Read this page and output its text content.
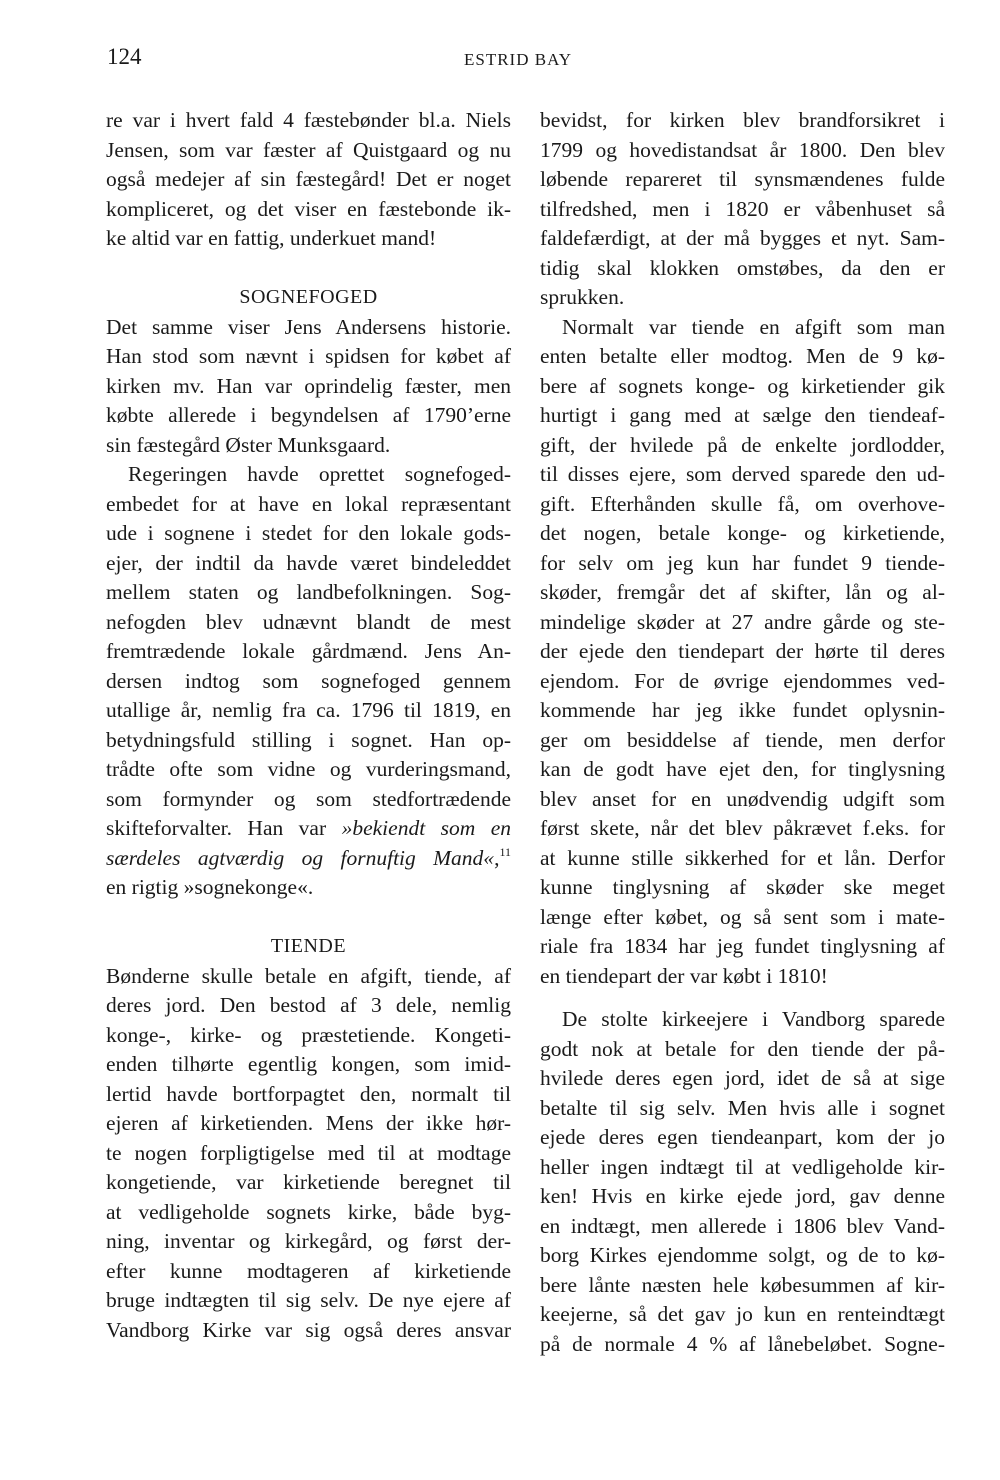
124	ESTRID BAY

re var i hvert fald 4 fæstebønder bl.a. Niels
Jensen, som var fæster af Quistgaard og nu
også medejer af sin fæstegård! Det er noget
kompliceret, og det viser en fæstebonde ik-
ke altid var en fattig, underkuet mand!

SOGNEFOGED

Det samme viser Jens Andersens historie.
Han stod som nævnt i spidsen for købet af
kirken mv. Han var oprindelig fæster, men
købte allerede i begyndelsen af 1790’erne
sin fæstegård Øster Munksgaard.

Regeringen havde oprettet sognefoged-
embedet for at have en lokal repræsentant
ude i sognene i stedet for den lokale gods-
ejer, der indtil da havde været bindeleddet
mellem staten og landbefolkningen. Sog-
nefogden blev udnævnt blandt de mest
fremtrædende lokale gårdmænd. Jens An-
dersen indtog som sognefoged gennem
utallige år, nemlig fra ca. 1796 til 1819, en
betydningsfuld stilling i sognet. Han op-
trådte ofte som vidne og vurderingsmand,
som formynder og som stedfortrædende
skifteforvalter. Han var »bekiendt som en
særdeles agtværdig og fornuftig Mand«,$^{11}$
en rigtig »sognekonge«.

TIENDE

Bønderne skulle betale en afgift, tiende, af
deres jord. Den bestod af 3 dele, nemlig
konge-, kirke- og præstetiende. Kongeti-
enden tilhørte egentlig kongen, som imid-
lertid havde bortforpagtet den, normalt til
ejeren af kirketienden. Mens der ikke hør-
te nogen forpligtigelse med til at modtage
kongetiende, var kirketiende beregnet til
at vedligeholde sognets kirke, både byg-
ning, inventar og kirkegård, og først der-
efter kunne modtageren af kirketiende
bruge indtægten til sig selv. De nye ejere af
Vandborg Kirke var sig også deres ansvar

bevidst, for kirken blev brandforsikret i
1799 og hovedistandsat år 1800. Den blev
løbende repareret til synsmændenes fulde
tilfredshed, men i 1820 er våbenhuset så
faldefærdigt, at der må bygges et nyt. Sam-
tidig skal klokken omstøbes, da den er
sprukken.

Normalt var tiende en afgift som man
enten betalte eller modtog. Men de 9 kø-
bere af sognets konge- og kirketiender gik
hurtigt i gang med at sælge den tiendeaf-
gift, der hvilede på de enkelte jordlodder,
til disses ejere, som derved sparede den ud-
gift. Efterhånden skulle få, om overhove-
det nogen, betale konge- og kirketiende,
for selv om jeg kun har fundet 9 tiende-
skøder, fremgår det af skifter, lån og al-
mindelige skøder at 27 andre gårde og ste-
der ejede den tiendepart der hørte til deres
ejendom. For de øvrige ejendommes ved-
kommende har jeg ikke fundet oplysnin-
ger om besiddelse af tiende, men derfor
kan de godt have ejet den, for tinglysning
blev anset for en unødvendig udgift som
først skete, når det blev påkrævet f.eks. for
at kunne stille sikkerhed for et lån. Derfor
kunne tinglysning af skøder ske meget
længe efter købet, og så sent som i mate-
riale fra 1834 har jeg fundet tinglysning af
en tiendepart der var købt i 1810!

De stolte kirkeejere i Vandborg sparede
godt nok at betale for den tiende der på-
hvilede deres egen jord, idet de så at sige
betalte til sig selv. Men hvis alle i sognet
ejede deres egen tiendeanpart, kom der jo
heller ingen indtægt til at vedligeholde kir-
ken! Hvis en kirke ejede jord, gav denne
en indtægt, men allerede i 1806 blev Vand-
borg Kirkes ejendomme solgt, og de to kø-
bere lånte næsten hele købesummen af kir-
keejerne, så det gav jo kun en renteindtægt
på de normale 4 % af lånebeløbet. Sogne-
